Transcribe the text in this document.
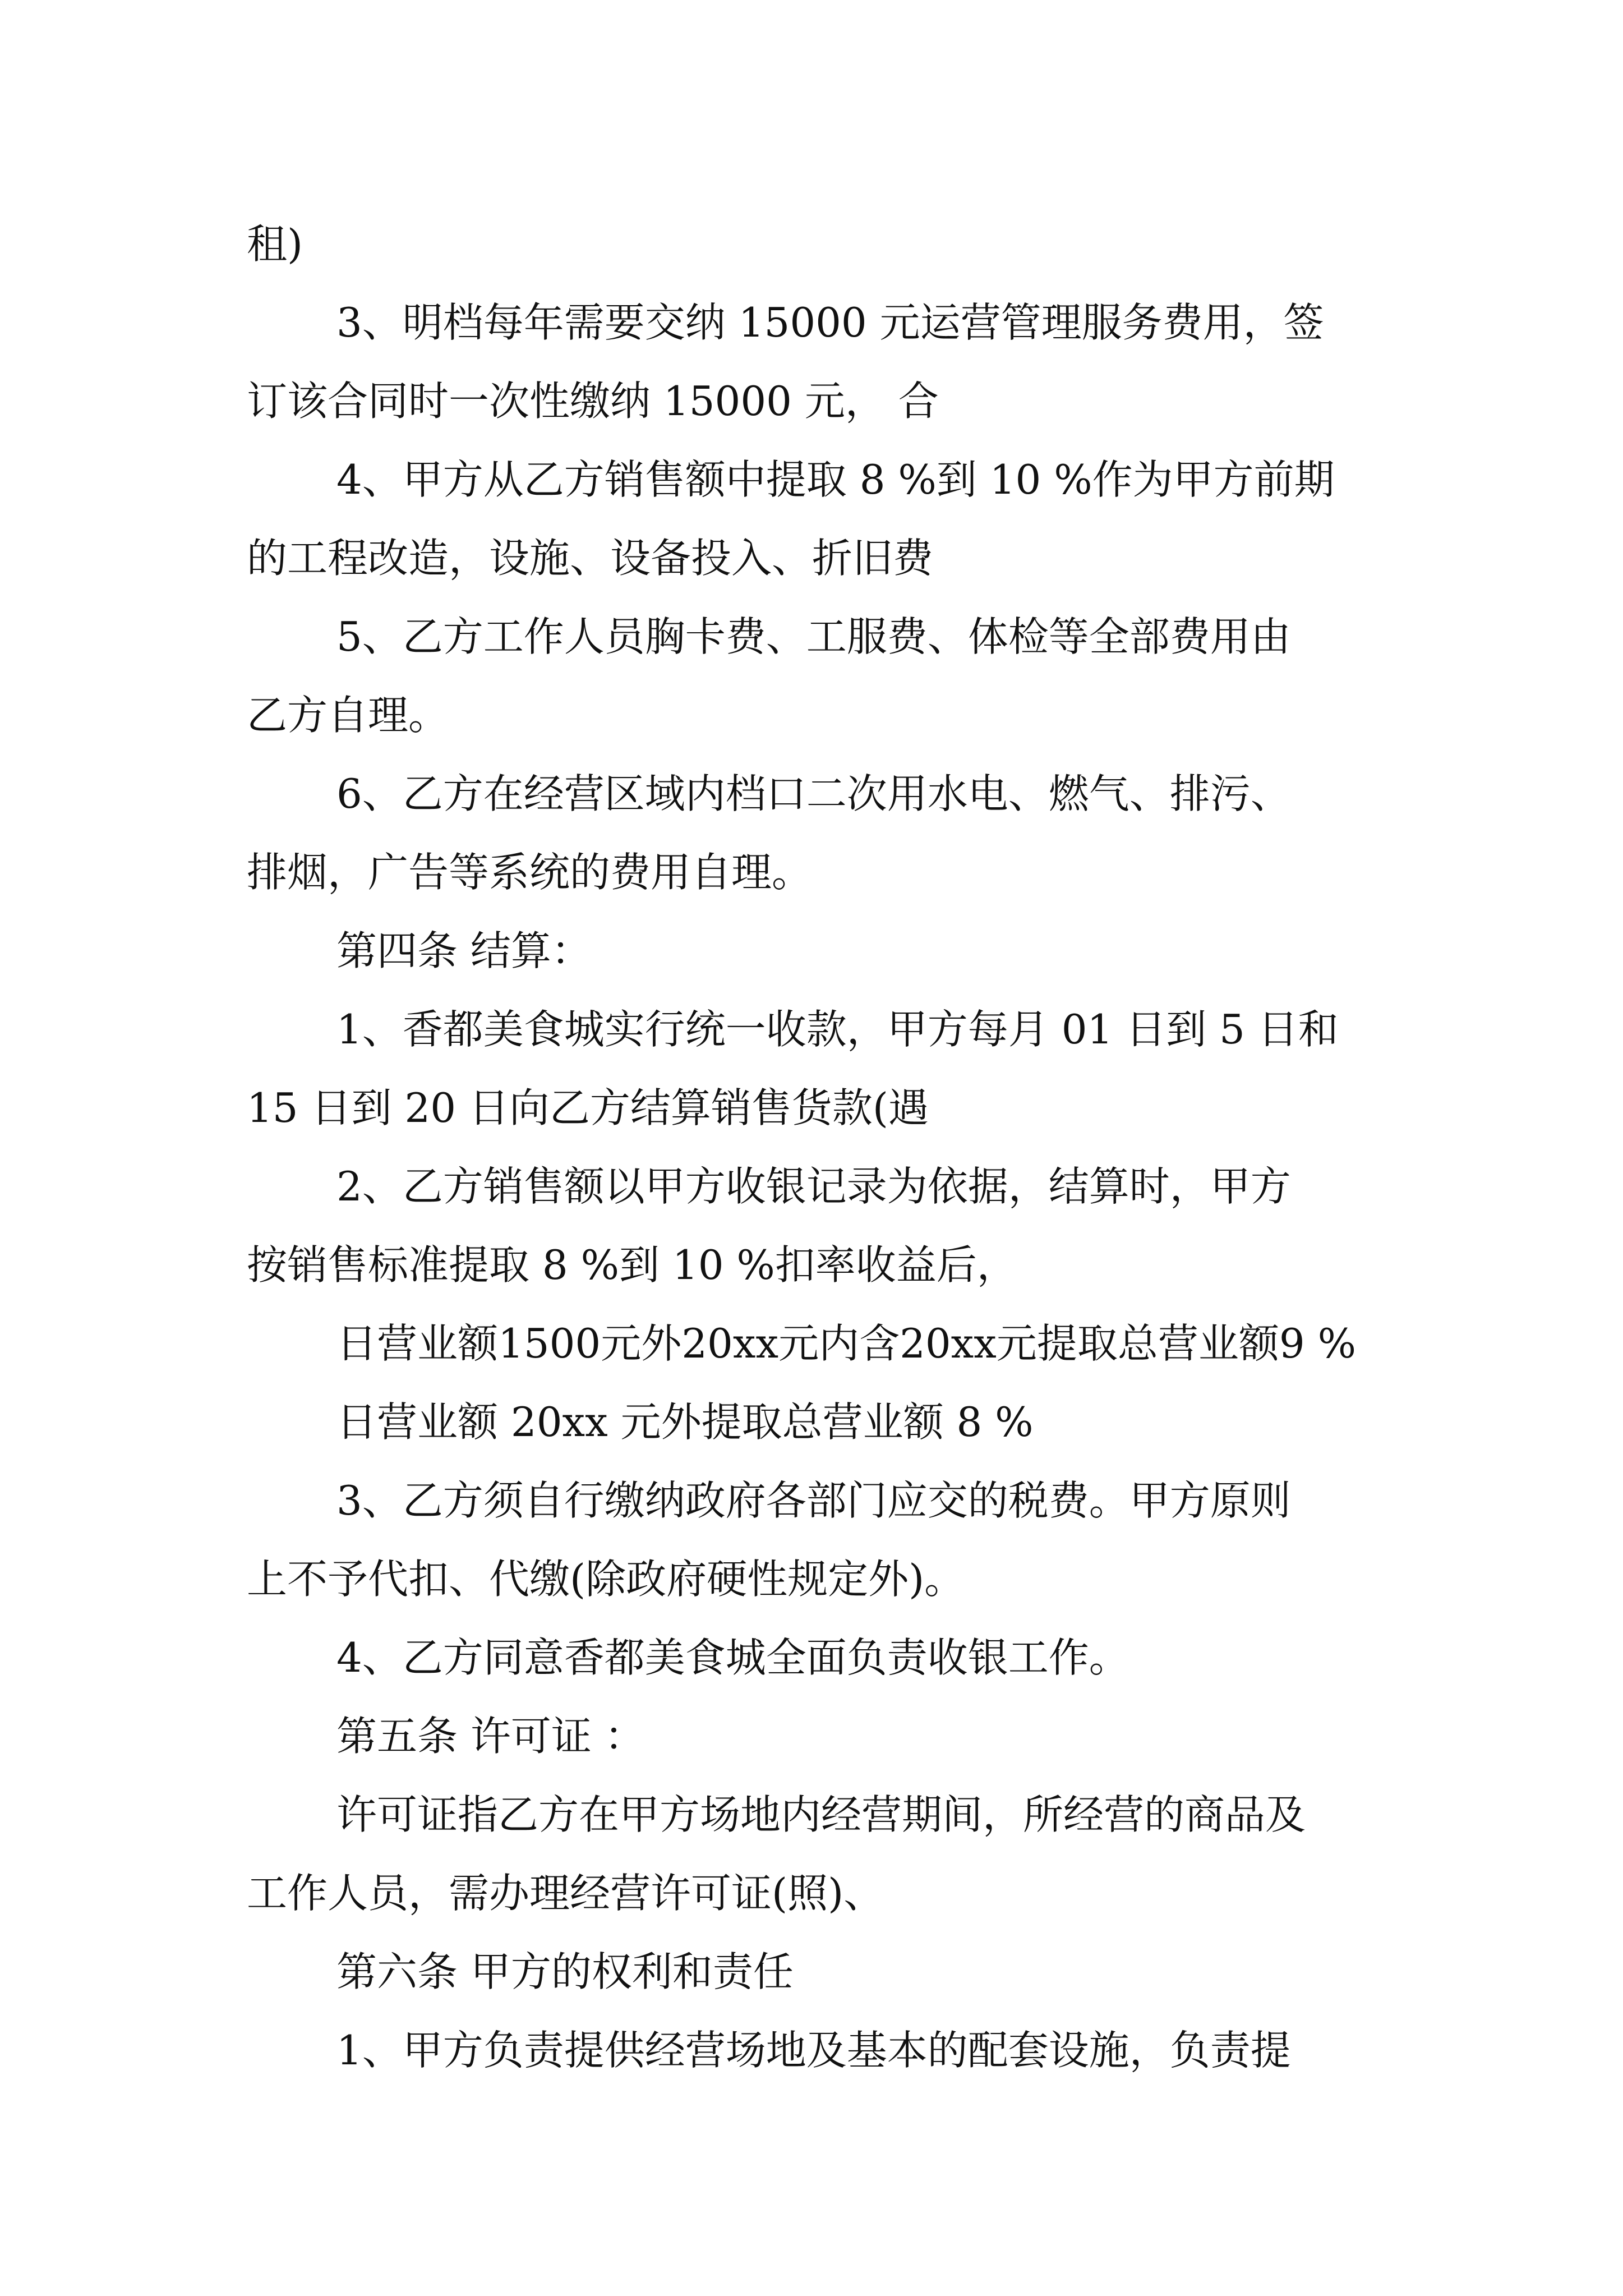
租)
3、明档每年需要交纳 15000 元运营管理服务费用，签
订该合同时一次性缴纳 15000 元， 合
4、甲方从乙方销售额中提取 8 %到 10 %作为甲方前期
的工程改造，设施、设备投入、折旧费
5、乙方工作人员胸卡费、工服费、体检等全部费用由
乙方自理。
6、乙方在经营区域内档口二次用水电、燃气、排污、
排烟，广告等系统的费用自理。
第四条 结算：
1、香都美食城实行统一收款，甲方每月 01 日到 5 日和
15 日到 20 日向乙方结算销售货款(遇
2、乙方销售额以甲方收银记录为依据，结算时，甲方
按销售标准提取 8 %到 10 %扣率收益后，
日营业额1500元外20xx元内含20xx元提取总营业额9 %
日营业额 20xx 元外提取总营业额 8 %
3、乙方须自行缴纳政府各部门应交的税费。甲方原则
上不予代扣、代缴(除政府硬性规定外)。
4、乙方同意香都美食城全面负责收银工作。
第五条 许可证 ：
许可证指乙方在甲方场地内经营期间，所经营的商品及
工作人员，需办理经营许可证(照)、
第六条 甲方的权利和责任
1、甲方负责提供经营场地及基本的配套设施，负责提
